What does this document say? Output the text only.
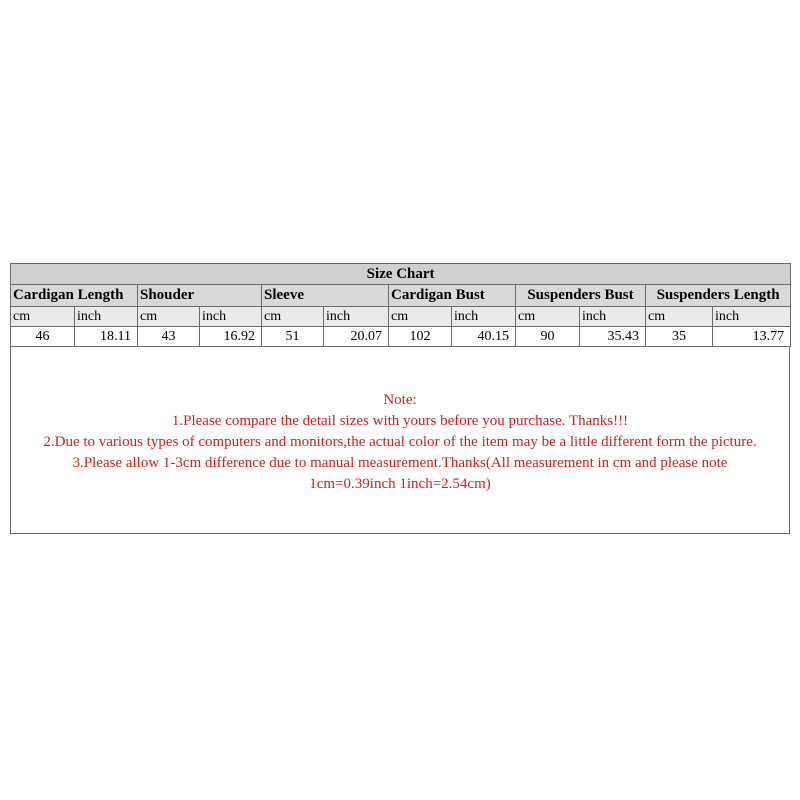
Size Chart											
Cardigan Length		Shouder		Sleeve		Cardigan Bust		Suspenders Bust		Suspenders Length	
cm	inch	cm	inch	cm	inch	cm	inch	cm	inch	cm	inch
46	18.11	43	16.92	51	20.07	102	40.15	90	35.43	35	13.77
Note:
1.Please compare the detail sizes with yours before you purchase. Thanks!!!
2.Due to various types of computers and monitors,the actual color of the item may be a little different form the picture.
3.Please allow 1-3cm difference due to manual measurement.Thanks(All measurement in cm and please note 1cm=0.39inch 1inch=2.54cm)
